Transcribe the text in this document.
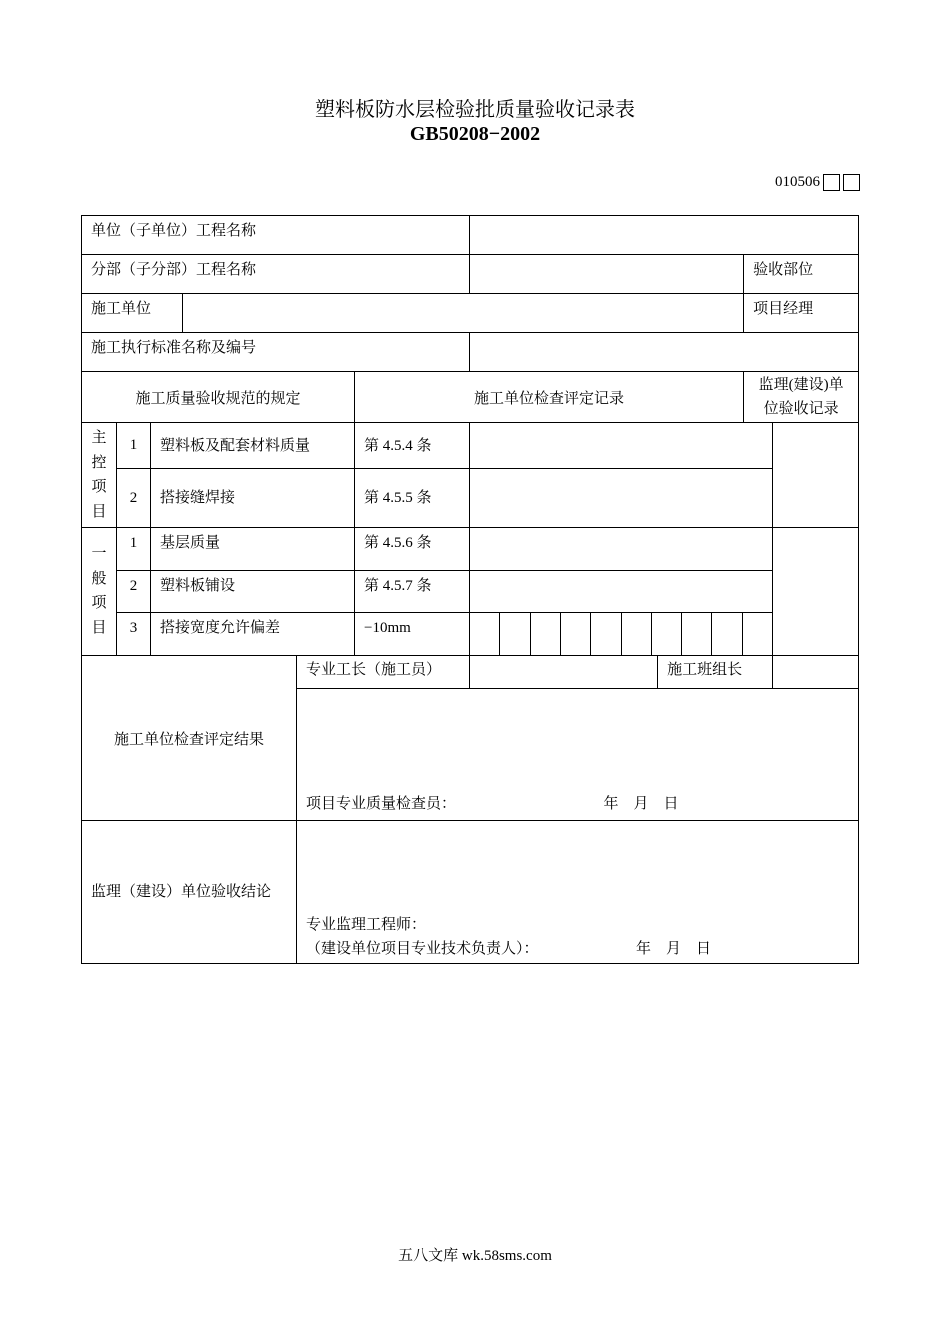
塑料板防水层检验批质量验收记录表
GB50208−2002
010506
单位（子单位）工程名称									
分部（子分部）工程名称								验收部位	
施工单位								项目经理	
施工执行标准名称及编号									
施工质量验收规范的规定					施工单位检查评定记录			监理(建设)单
位验收记录	

主
控
项
目	1	塑料板及配套材料质量			第 4.5.4 条				
	2	搭接缝焊接			第 4.5.5 条				

一
般
项
目	1	基层质量			第 4.5.6 条				
	2	塑料板铺设			第 4.5.7 条				
	3	搭接宽度允许偏差			−10mm				

施工单位检查评定结果				专业工长（施工员）			施工班组长		
				项目专业质量检查员： 年　月　日					
监理（建设）单位验收结论				专业监理工程师：
（建设单位项目专业技术负责人）： 年　月　日					
五八文库 wk.58sms.com
